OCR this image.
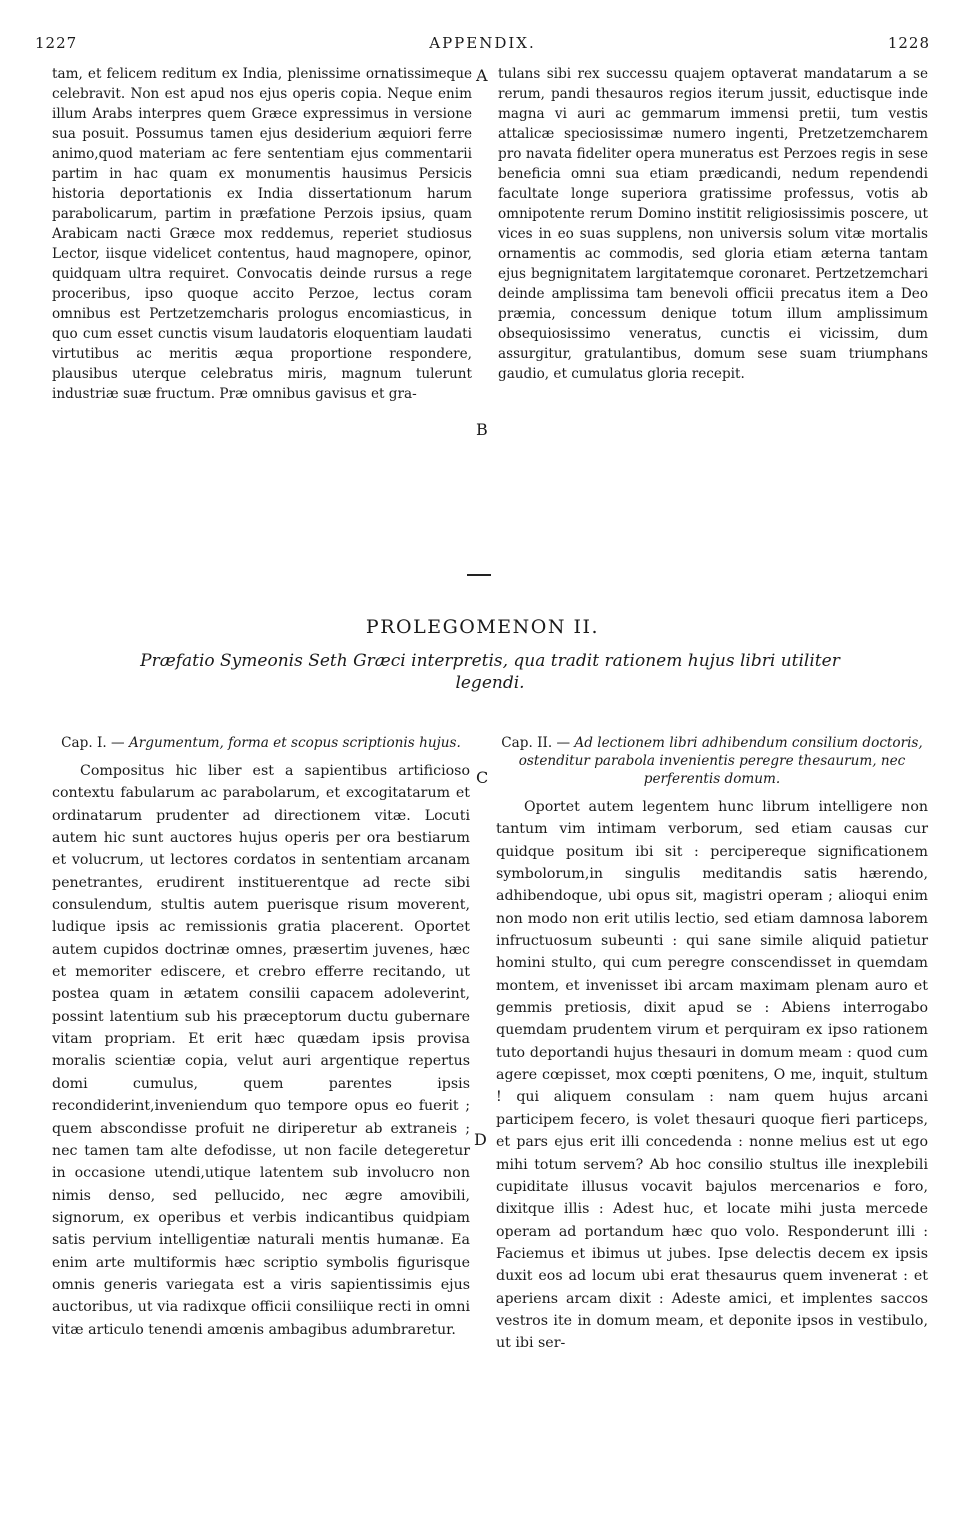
1227	APPENDIX.	1228

tam, et felicem reditum ex India, plenissime ornatissimeque celebravit. Non est apud nos ejus operis copia. Neque enim illum Arabs interpres quem Græce expressimus in versione sua posuit. Possumus tamen ejus desiderium æquiori ferre animo,quod materiam ac fere sententiam ejus commentarii partim in hac quam ex monumentis hausimus Persicis historia deportationis ex India dissertationum harum parabolicarum, partim in præfatione Perzois ipsius, quam Arabicam nacti Græce mox reddemus, reperiet studiosus Lector, iisque videlicet contentus, haud magnopere, opinor, quidquam ultra requiret. Convocatis deinde rursus a rege proceribus, ipso quoque accito Perzoe, lectus coram omnibus est Pertzetzemcharis prologus encomiasticus, in quo cum esset cunctis visum laudatoris eloquentiam laudati virtutibus ac meritis æqua proportione respondere, plausibus uterque celebratus miris, magnum tulerunt industriæ suæ fructum. Præ omnibus gavisus et gra-

tulans sibi rex successu quajem optaverat mandatarum a se rerum, pandi thesauros regios iterum jussit, eductisque inde magna vi auri ac gemmarum immensi pretii, tum vestis attalicæ speciosissimæ numero ingenti, Pretzetzemcharem pro navata fideliter opera muneratus est Perzoes regis in sese beneficia omni sua etiam prædicandi, nedum rependendi facultate longe superiora gratissime professus, votis ab omnipotente rerum Domino institit religiosissimis poscere, ut vices in eo suas supplens, non universis solum vitæ mortalis ornamentis ac commodis, sed gloria etiam æterna tantam ejus begnignitatem largitatemque coronaret. Pertzetzemchari deinde amplissima tam benevoli officii precatus item a Deo præmia, concessum denique totum illum amplissimum obsequiosissimo veneratus, cunctis ei vicissim, dum assurgitur, gratulantibus, domum sese suam triumphans gaudio, et cumulatus gloria recepit.

A
B
PROLEGOMENON II.
Præfatio Symeonis Seth Græci interpretis, qua tradit rationem hujus libri utiliter legendi.

Cap. I. — Argumentum, forma et scopus scriptionis hujus.

Compositus hic liber est a sapientibus artificioso contextu fabularum ac parabolarum, et excogitatarum et ordinatarum prudenter ad directionem vitæ. Locuti autem hic sunt auctores hujus operis per ora bestiarum et volucrum, ut lectores cordatos in sententiam arcanam penetrantes, erudirent instituerentque ad recte sibi consulendum, stultis autem puerisque risum moverent, ludique ipsis ac remissionis gratia placerent. Oportet autem cupidos doctrinæ omnes, præsertim juvenes, hæc et memoriter ediscere, et crebro efferre recitando, ut postea quam in ætatem consilii capacem adoleverint, possint latentium sub his præceptorum ductu gubernare vitam propriam. Et erit hæc quædam ipsis provisa moralis scientiæ copia, velut auri argentique repertus domi cumulus, quem parentes ipsis recondiderint,inveniendum quo tempore opus eo fuerit ; quem abscondisse profuit ne diriperetur ab extraneis ; nec tamen tam alte defodisse, ut non facile detegeretur in occasione utendi,utique latentem sub involucro non nimis denso, sed pellucido, nec ægre amovibili, signorum, ex operibus et verbis indicantibus quidpiam satis pervium intelligentiæ naturali mentis humanæ. Ea enim arte multiformis hæc scriptio symbolis figurisque omnis generis variegata est a viris sapientissimis ejus auctoribus, ut via radixque officii consiliique recti in omni vitæ articulo tenendi amœnis ambagibus adumbraretur.

C
D

Cap. II. — Ad lectionem libri adhibendum consilium doctoris, ostenditur parabola invenientis peregre thesaurum, nec perferentis domum.

Oportet autem legentem hunc librum intelligere non tantum vim intimam verborum, sed etiam causas cur quidque positum ibi sit : percipereque significationem symbolorum,in singulis meditandis satis hærendo, adhibendoque, ubi opus sit, magistri operam ; alioqui enim non modo non erit utilis lectio, sed etiam damnosa laborem infructuosum subeunti : qui sane simile aliquid patietur homini stulto, qui cum peregre conscendisset in quemdam montem, et invenisset ibi arcam maximam plenam auro et gemmis pretiosis, dixit apud se : Abiens interrogabo quemdam prudentem virum et perquiram ex ipso rationem tuto deportandi hujus thesauri in domum meam : quod cum agere cœpisset, mox cœpti pœnitens, O me, inquit, stultum ! qui aliquem consulam : nam quem hujus arcani participem fecero, is volet thesauri quoque fieri particeps, et pars ejus erit illi concedenda : nonne melius est ut ego mihi totum servem? Ab hoc consilio stultus ille inexplebili cupiditate illusus vocavit bajulos mercenarios e foro, dixitque illis : Adest huc, et locate mihi justa mercede operam ad portandum hæc quo volo. Responderunt illi : Faciemus et ibimus ut jubes. Ipse delectis decem ex ipsis duxit eos ad locum ubi erat thesaurus quem invenerat : et aperiens arcam dixit : Adeste amici, et implentes saccos vestros ite in domum meam, et deponite ipsos in vestibulo, ut ibi ser-
